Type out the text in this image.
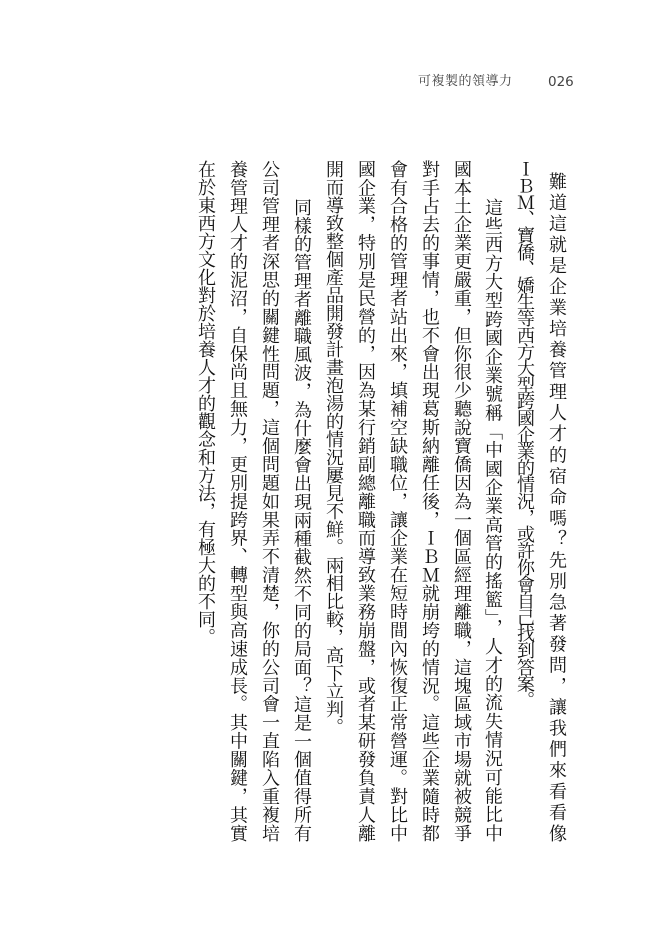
可複製的領導力	026
難道這就是企業培養管理人才的宿命嗎？先別急著發問，讓我們來看看像
ＩＢＭ、寶僑、嬌生等西方大型跨國企業的情況，或許你會自己找到答案。
這些西方大型跨國企業號稱「中國企業高管的搖籃」，人才的流失情況可能比中
國本土企業更嚴重，但你很少聽說寶僑因為一個區經理離職，這塊區域市場就被競爭
對手占去的事情，也不會出現葛斯納離任後，ＩＢＭ就崩垮的情況。這些企業隨時都
會有合格的管理者站出來，填補空缺職位，讓企業在短時間內恢復正常營運。對比中
國企業，特別是民營的，因為某行銷副總離職而導致業務崩盤，或者某研發負責人離
開而導致整個產品開發計畫泡湯的情況屢見不鮮。兩相比較，高下立判。
同樣的管理者離職風波，為什麼會出現兩種截然不同的局面？這是一個值得所有
公司管理者深思的關鍵性問題，這個問題如果弄不清楚，你的公司會一直陷入重複培
養管理人才的泥沼，自保尚且無力，更別提跨界、轉型與高速成長。其中關鍵，其實
在於東西方文化對於培養人才的觀念和方法，有極大的不同。
